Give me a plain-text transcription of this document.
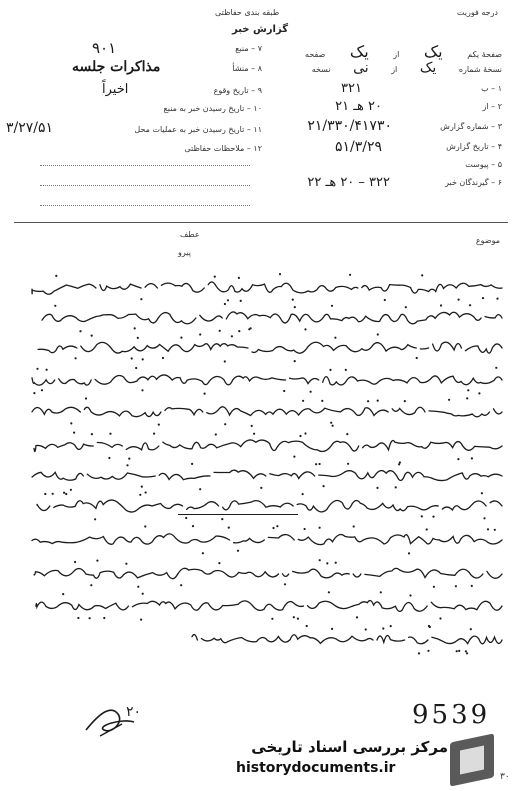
درجه فوریت
طبقه بندی حفاظتی
گزارش خبر
صفحهٔ یکم یک از یک صفحه
نسخهٔ شماره یک از نی نسخه
۱ – ب
۳۲۱
۲ – از
۲۰ هـ ۲۱
۳ – شماره گزارش
۲۱/۳۳۰/۴۱۷۳۰
۴ – تاریخ گزارش
۵۱/۳/۲۹
۵ – پیوست
۶ – گیرندگان خبر
۳۲۲ – ۲۰ هـ ۲۲
۷ – منبع
۹۰۱
۸ – منشأ
مذاکرات جلسه
۹ – تاریخ وقوع
اخیراً
۱۰ – تاریخ رسیدن خبر به منبع
۱۱ – تاریخ رسیدن خبر به عملیات محل
۳/۲۷/۵۱
۱۲ – ملاحظات حفاظتی
عطف
پیرو
موضوع
۲۰	9539
مرکز بررسی اسناد تاریخی
historydocuments.ir
۳۰
